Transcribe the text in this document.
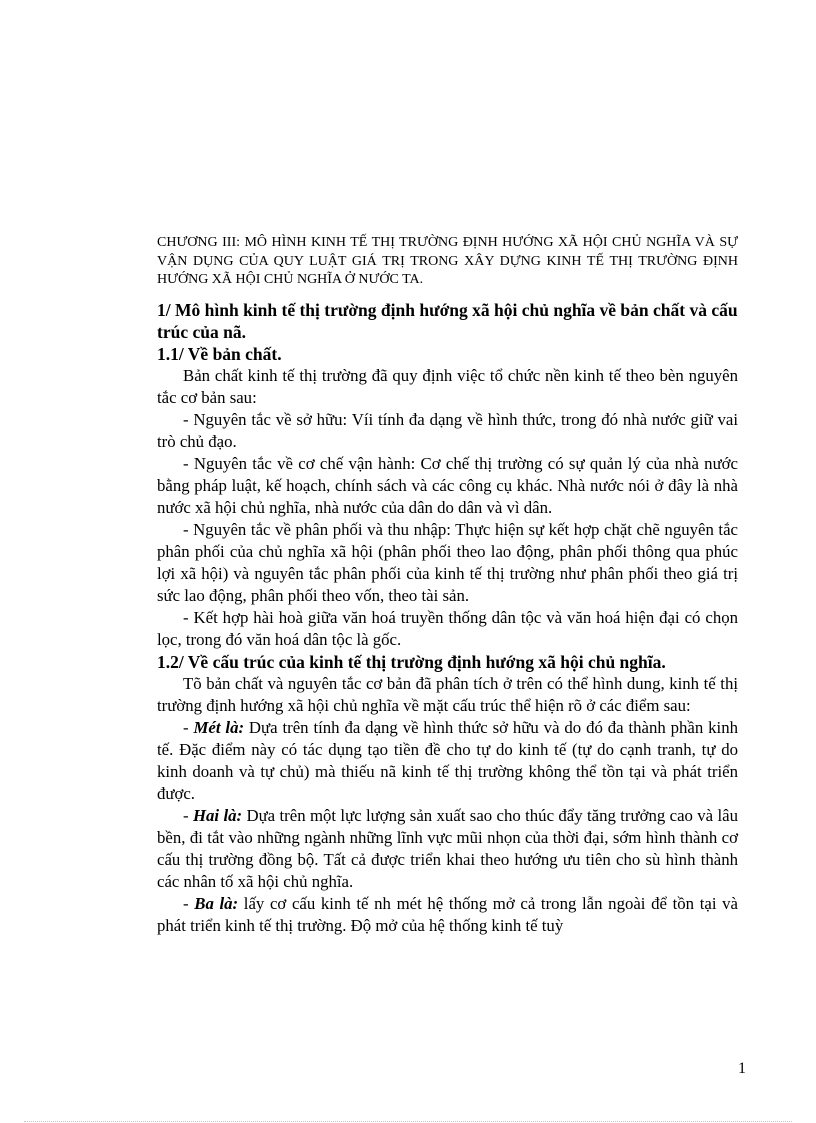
CHƯƠNG III: MÔ HÌNH KINH TẾ THỊ TRƯỜNG ĐỊNH HƯỚNG XÃ HỘI CHỦ NGHĨA VÀ SỰ VẬN DỤNG CỦA QUY LUẬT GIÁ TRỊ TRONG XÂY DỰNG KINH TẾ THỊ TRƯỜNG ĐỊNH HƯỚNG XÃ HỘI CHỦ NGHĨA Ở NƯỚC TA.
1/ Mô hình kinh tế thị trường định hướng xã hội chủ nghĩa về bản chất và cấu trúc của nã.
1.1/ Về bản chất.

Bản chất kinh tế thị trường đã quy định việc tổ chức nền kinh tế theo bèn nguyên tắc cơ bản sau:

- Nguyên tắc về sở hữu: Víi tính đa dạng về hình thức, trong đó nhà nước giữ vai trò chủ đạo.

- Nguyên tắc về cơ chế vận hành: Cơ chế thị trường có sự quản lý của nhà nước bằng pháp luật, kế hoạch, chính sách và các công cụ khác. Nhà nước nói ở đây là nhà nước xã hội chủ nghĩa, nhà nước của dân do dân và vì dân.

- Nguyên tắc về phân phối và thu nhập: Thực hiện sự kết hợp chặt chẽ nguyên tắc phân phối của chủ nghĩa xã hội (phân phối theo lao động, phân phối thông qua phúc lợi xã hội) và nguyên tắc phân phối của kinh tế thị trường như phân phối theo giá trị sức lao động, phân phối theo vốn, theo tài sản.

- Kết hợp hài hoà giữa văn hoá truyền thống dân tộc và văn hoá hiện đại có chọn lọc, trong đó văn hoá dân tộc là gốc.

1.2/ Về cấu trúc của kinh tế thị trường định hướng xã hội chủ nghĩa.

Tõ bản chất và nguyên tắc cơ bản đã phân tích ở trên có thể hình dung, kinh tế thị trường định hướng xã hội chủ nghĩa về mặt cấu trúc thể hiện rõ ở các điểm sau:

- Mét là: Dựa trên tính đa dạng về hình thức sở hữu và do đó đa thành phần kinh tế. Đặc điểm này có tác dụng tạo tiền đề cho tự do kinh tế (tự do cạnh tranh, tự do kinh doanh và tự chủ) mà thiếu nã kinh tế thị trường không thể tồn tại và phát triển được.

- Hai là: Dựa trên một lực lượng sản xuất sao cho thúc đẩy tăng trưởng cao và lâu bền, đi tắt vào những ngành những lĩnh vực mũi nhọn của thời đại, sớm hình thành cơ cấu thị trường đồng bộ. Tất cả được triển khai theo hướng ưu tiên cho sù hình thành các nhân tố xã hội chủ nghĩa.

- Ba là: lấy cơ cấu kinh tế nh mét hệ thống mở cả trong lẫn ngoài để tồn tại và phát triển kinh tế thị trường. Độ mở của hệ thống kinh tế tuỳ

1
